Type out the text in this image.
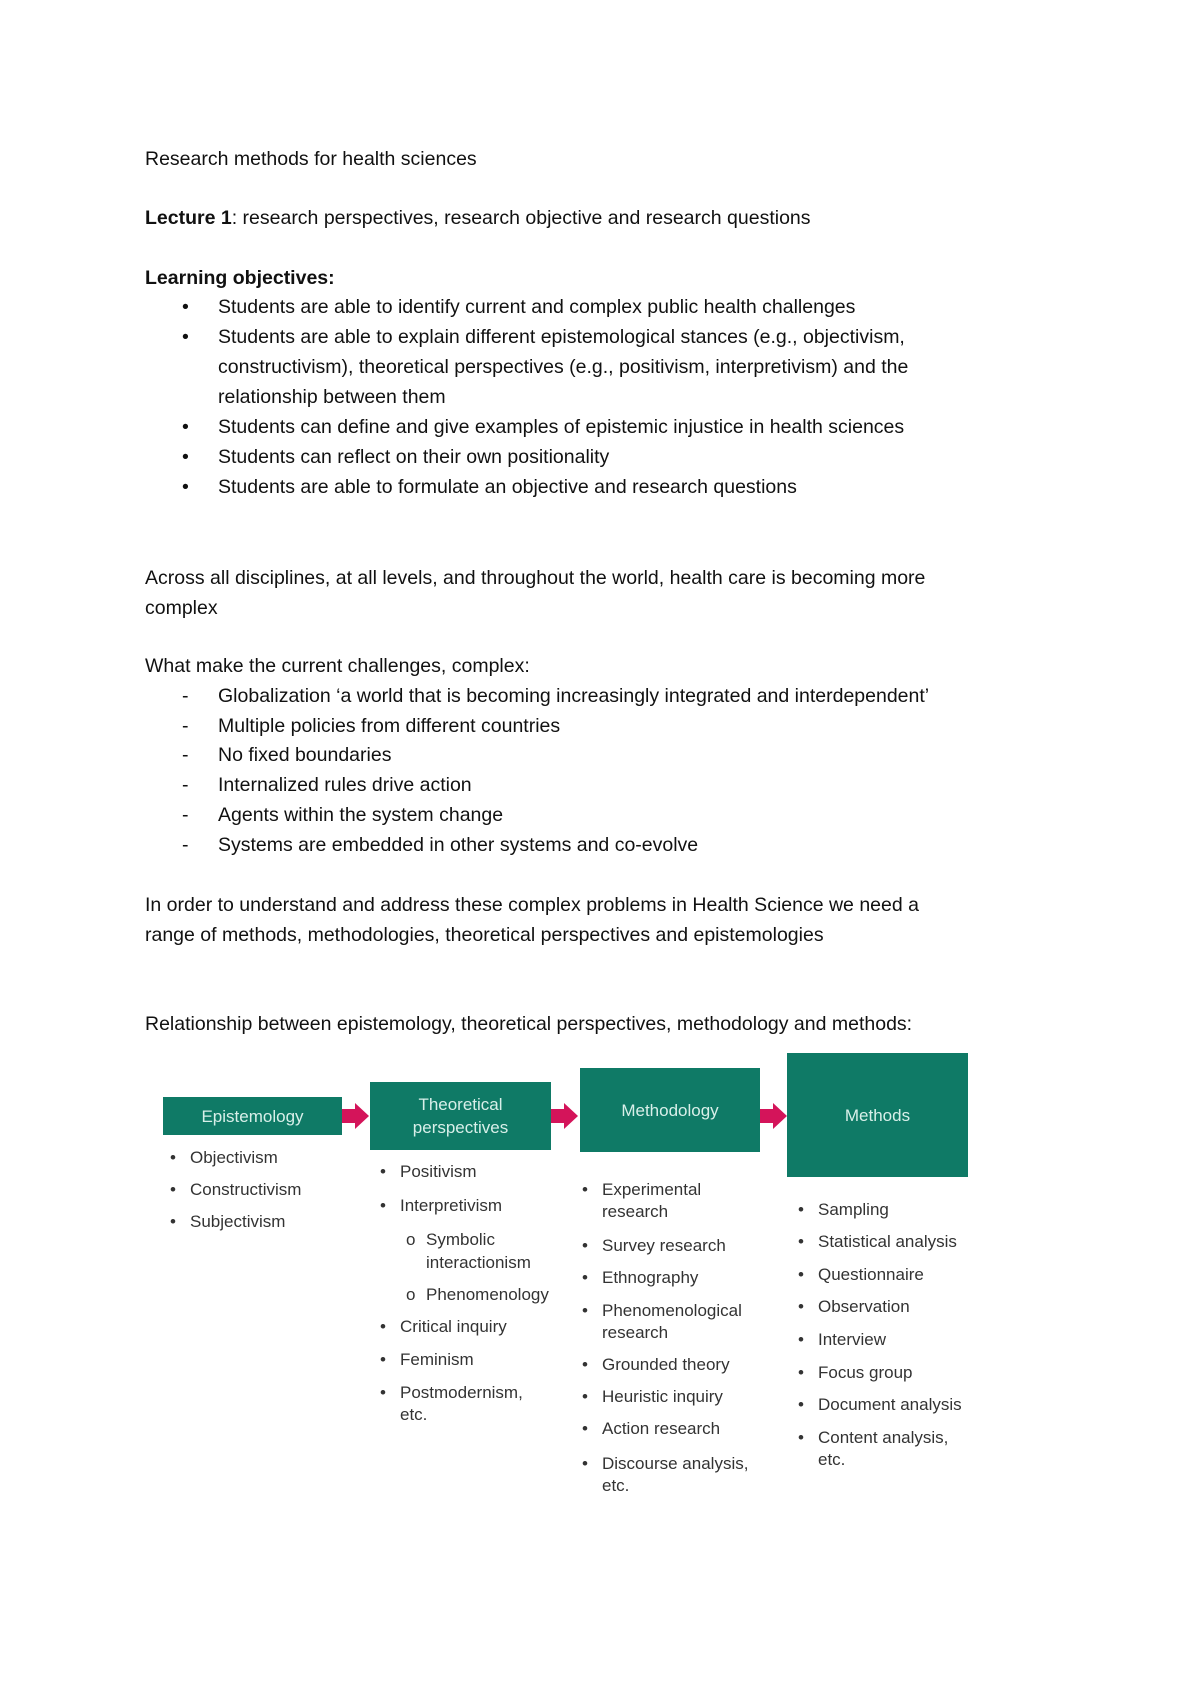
Research methods for health sciences
Lecture 1: research perspectives, research objective and research questions
Learning objectives:
• Students are able to identify current and complex public health challenges
• Students are able to explain different epistemological stances (e.g., objectivism,
constructivism), theoretical perspectives (e.g., positivism, interpretivism) and the
relationship between them
• Students can define and give examples of epistemic injustice in health sciences
• Students can reflect on their own positionality
• Students are able to formulate an objective and research questions
Across all disciplines, at all levels, and throughout the world, health care is becoming more
complex
What make the current challenges, complex:
- Globalization ‘a world that is becoming increasingly integrated and interdependent’
- Multiple policies from different countries
- No fixed boundaries
- Internalized rules drive action
- Agents within the system change
- Systems are embedded in other systems and co-evolve
In order to understand and address these complex problems in Health Science we need a
range of methods, methodologies, theoretical perspectives and epistemologies
Relationship between epistemology, theoretical perspectives, methodology and methods:
Epistemology
Theoretical
perspectives
Methodology	Methods
• Objectivism
• Constructivism
• Subjectivism
• Positivism
• Interpretivism
o Symbolic
interactionism
o Phenomenology
• Critical inquiry
• Feminism
• Postmodernism,
etc.
• Experimental
research
• Survey research
• Ethnography
• Phenomenological
research
• Grounded theory
• Heuristic inquiry
• Action research
• Discourse analysis,
etc.
• Sampling
• Statistical analysis
• Questionnaire
• Observation
• Interview
• Focus group
• Document analysis
• Content analysis,
etc.
